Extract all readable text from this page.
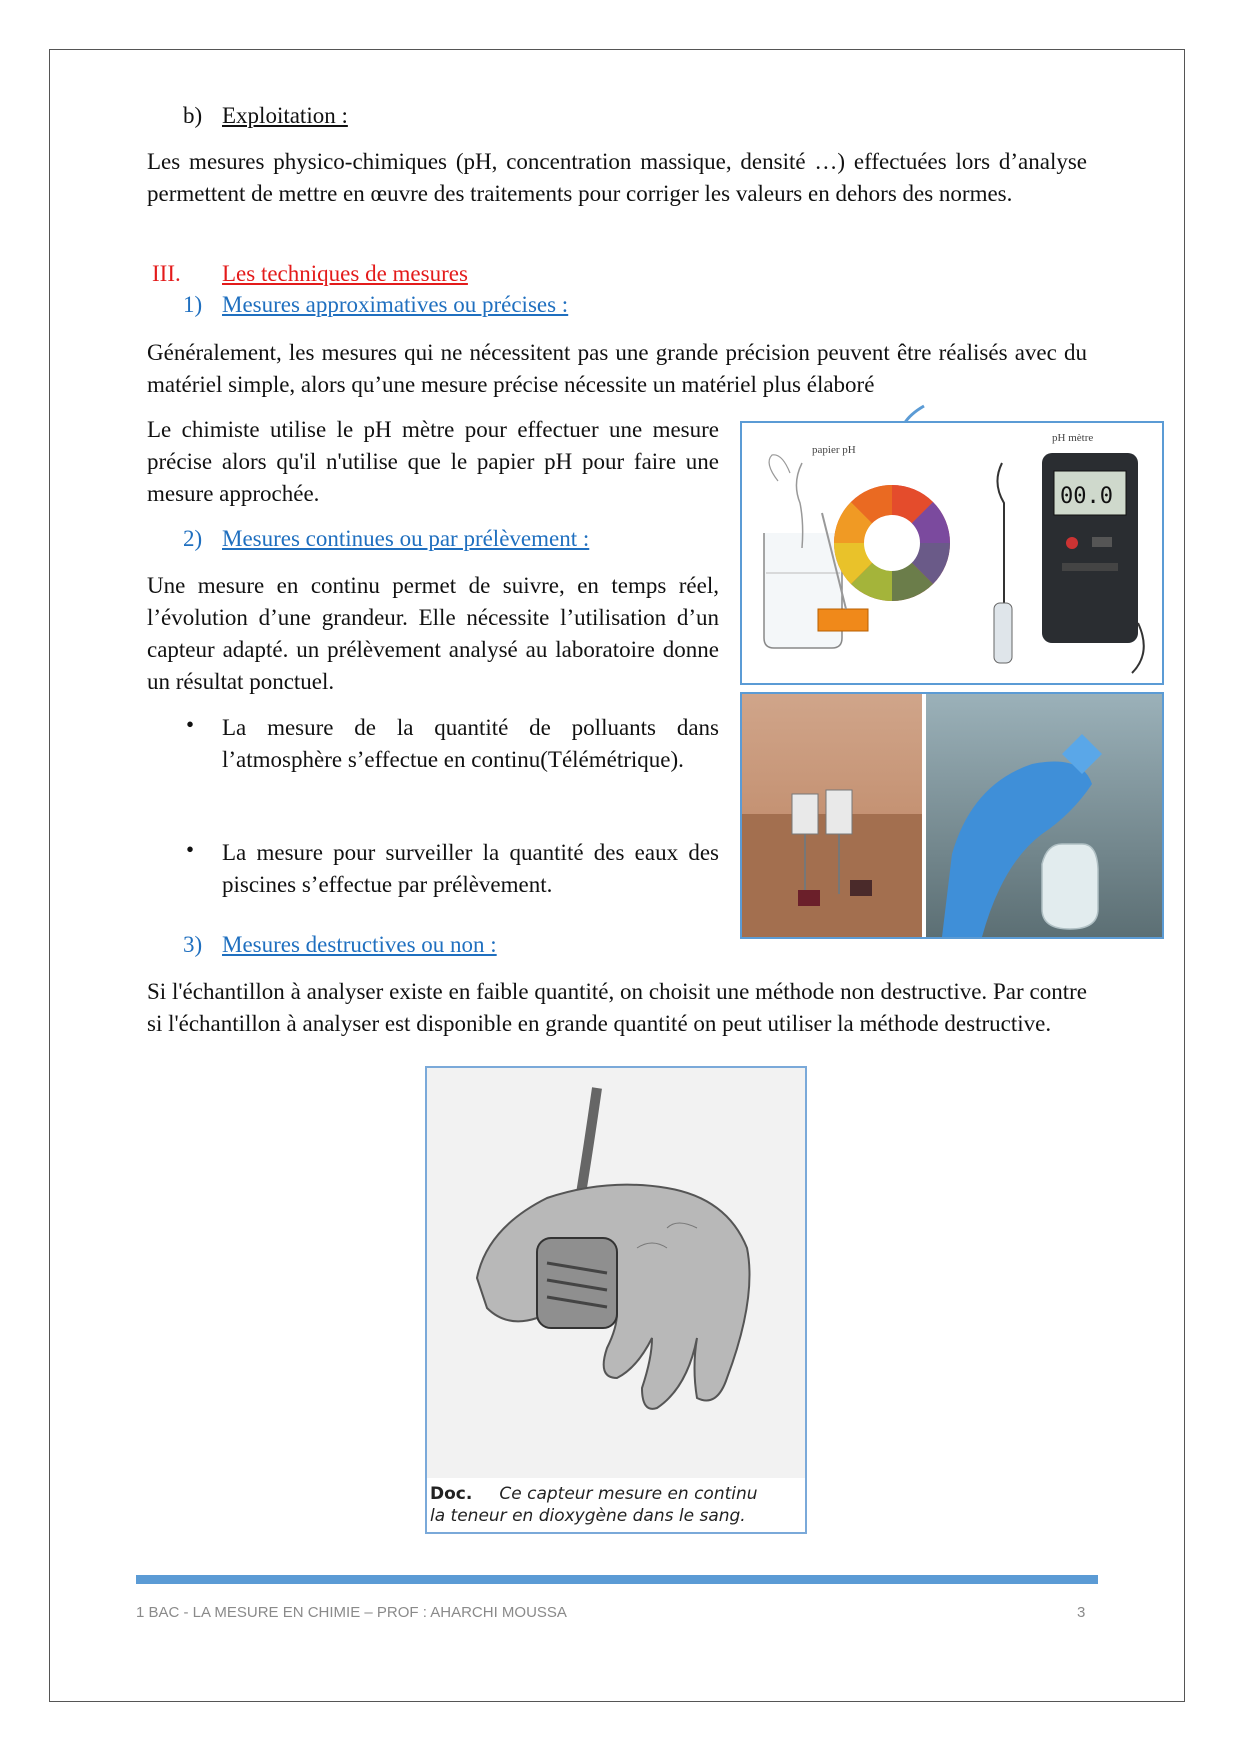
b) Exploitation :
Les mesures physico-chimiques (pH, concentration massique, densité …) effectuées lors d’analyse permettent de mettre en œuvre des traitements pour corriger les valeurs en dehors des normes.
III. Les techniques de mesures
1) Mesures approximatives ou précises :
Généralement, les mesures qui ne nécessitent pas une grande précision peuvent être réalisés avec du matériel simple, alors qu’une mesure précise nécessite un matériel plus élaboré
Le chimiste utilise le pH mètre pour effectuer une mesure précise alors qu'il n'utilise que le papier pH pour faire une mesure approchée.
2) Mesures continues ou par prélèvement :
Une mesure en continu permet de suivre, en temps réel, l’évolution d’une grandeur. Elle nécessite l’utilisation d’un capteur adapté. un prélèvement analysé au laboratoire donne un résultat ponctuel.
• La mesure de la quantité de polluants dans l’atmosphère s’effectue en continu(Télémétrique).
• La mesure pour surveiller la quantité des eaux des piscines s’effectue par prélèvement.
3) Mesures destructives ou non :
Si l'échantillon à analyser existe en faible quantité, on choisit une méthode non destructive. Par contre si l'échantillon à analyser est disponible en grande quantité on peut utiliser la méthode destructive.
papier pH
pH mètre
00.0
Doc. Ce capteur mesure en continu
la teneur en dioxygène dans le sang.
1 BAC - LA MESURE EN CHIMIE – PROF : AHARCHI MOUSSA	3
